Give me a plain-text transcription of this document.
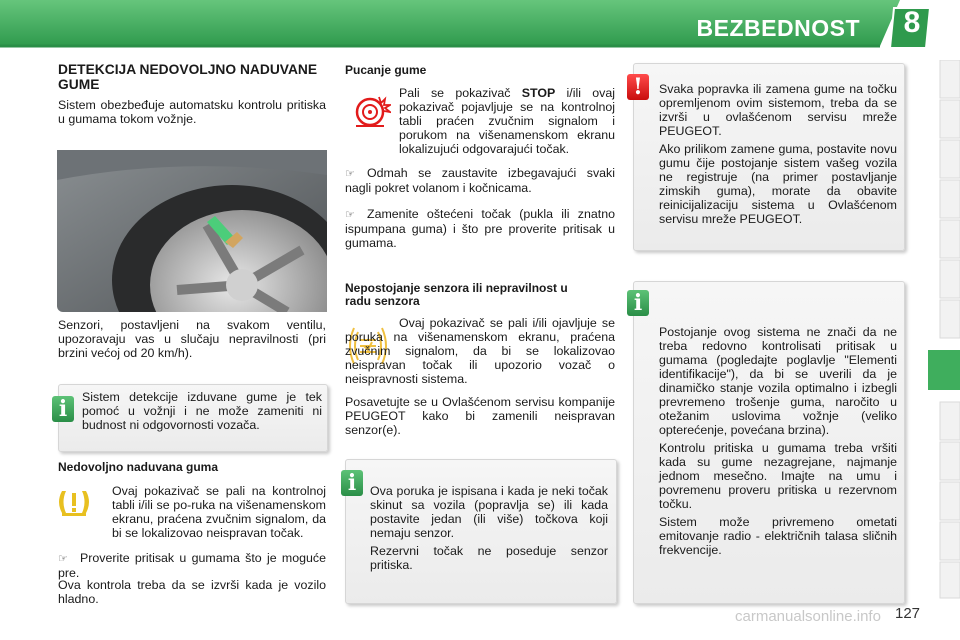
BEZBEDNOST 8
DETEKCIJA NEDOVOLJNO NADUVANE GUME

Sistem obezbeđuje automatsku kontrolu pritiska u gumama tokom vožnje.

Senzori, postavljeni na svakom ventilu, upozoravaju vas u slučaju nepravilnosti (pri brzini većoj od 20 km/h).

i	Sistem detekcije izduvane gume je tek pomoć u vožnji i ne može zameniti ni budnost ni odgovornosti vozača.

Nedovoljno naduvana guma

Ovaj pokazivač se pali na kontrolnoj tabli i/ili se po-ruka na višenamenskom ekranu, praćena zvučnim signalom, da bi se lokalizovao neispravan točak.

☞ Proverite pritisak u gumama što je moguće pre.

Ova kontrola treba da se izvrši kada je vozilo hladno.

Pucanje gume

Pali se pokazivač STOP i/ili ovaj pokazivač pojavljuje se na kontrolnoj tabli praćen zvučnim signalom i porukom na višenamenskom ekranu lokalizujući odgovarajući točak.

☞ Odmah se zaustavite izbegavajući svaki nagli pokret volanom i kočnicama.

☞ Zamenite oštećeni točak (pukla ili znatno ispumpana guma) i što pre proverite pritisak u gumama.

Nepostojanje senzora ili nepravilnost u radu senzora

Ovaj pokazivač se pali i/ili ojavljuje se poruka na višenamenskom ekranu, praćena zvučnim signalom, da bi se lokalizovao neispravan točak ili upozorio vozač o neispravnosti sistema.

Posavetujte se u Ovlašćenom servisu kompanije PEUGEOT kako bi zamenili neispravan senzor(e).

i	Ova poruka je ispisana i kada je neki točak skinut sa vozila (popravlja se) ili kada postavite jedan (ili više) točkova koji nemaju senzor.

Rezervni točak ne poseduje senzor pritiska.

!	Svaka popravka ili zamena gume na točku opremljenom ovim sistemom, treba da se izvrši u ovlašćenom servisu mreže PEUGEOT.

Ako prilikom zamene guma, postavite novu gumu čije postojanje sistem vašeg vozila ne registruje (na primer postavljanje zimskih guma), morate da obavite reinicijalizaciju sistema u Ovlašćenom servisu mreže PEUGEOT.

i

Postojanje ovog sistema ne znači da ne treba redovno kontrolisati pritisak u gumama (pogledajte poglavlje "Elementi identifikacije"), da bi se uverili da je dinamičko stanje vozila optimalno i izbegli prevremeno trošenje guma, naročito u otežanim uslovima vožnje (veliko opterećenje, povećana brzina).

Kontrolu pritiska u gumama treba vršiti kada su gume nezagrejane, najmanje jednom mesečno. Imajte na umu i povremenu proveru pritiska u rezervnom točku.

Sistem može privremeno ometati emitovanje radio - električnih talasa sličnih frekvencije.

carmanualsonline.info 127
